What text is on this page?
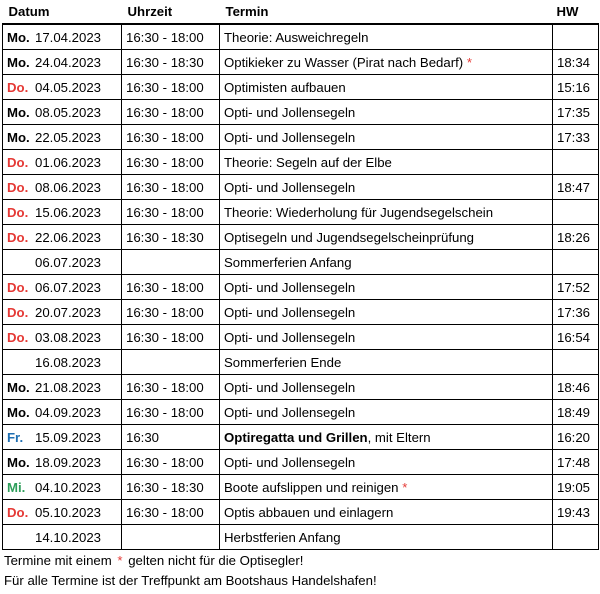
Datum	Uhrzeit	Termin	HW
Mo. 17.04.2023	16:30 - 18:00	Theorie: Ausweichregeln	
Mo. 24.04.2023	16:30 - 18:30	Optikieker zu Wasser (Pirat nach Bedarf) *	18:34
Do. 04.05.2023	16:30 - 18:00	Optimisten aufbauen	15:16
Mo. 08.05.2023	16:30 - 18:00	Opti- und Jollensegeln	17:35
Mo. 22.05.2023	16:30 - 18:00	Opti- und Jollensegeln	17:33
Do. 01.06.2023	16:30 - 18:00	Theorie: Segeln auf der Elbe	
Do. 08.06.2023	16:30 - 18:00	Opti- und Jollensegeln	18:47
Do. 15.06.2023	16:30 - 18:00	Theorie: Wiederholung für Jugendsegelschein	
Do. 22.06.2023	16:30 - 18:30	Optisegeln und Jugendsegelscheinprüfung	18:26
06.07.2023		Sommerferien Anfang	
Do. 06.07.2023	16:30 - 18:00	Opti- und Jollensegeln	17:52
Do. 20.07.2023	16:30 - 18:00	Opti- und Jollensegeln	17:36
Do. 03.08.2023	16:30 - 18:00	Opti- und Jollensegeln	16:54
16.08.2023		Sommerferien Ende	
Mo. 21.08.2023	16:30 - 18:00	Opti- und Jollensegeln	18:46
Mo. 04.09.2023	16:30 - 18:00	Opti- und Jollensegeln	18:49
Fr. 15.09.2023	16:30	Optiregatta und Grillen, mit Eltern	16:20
Mo. 18.09.2023	16:30 - 18:00	Opti- und Jollensegeln	17:48
Mi. 04.10.2023	16:30 - 18:30	Boote aufslippen und reinigen *	19:05
Do. 05.10.2023	16:30 - 18:00	Optis abbauen und einlagern	19:43
14.10.2023		Herbstferien Anfang	
Termine mit einem * gelten nicht für die Optisegler!
Für alle Termine ist der Treffpunkt am Bootshaus Handelshafen!
